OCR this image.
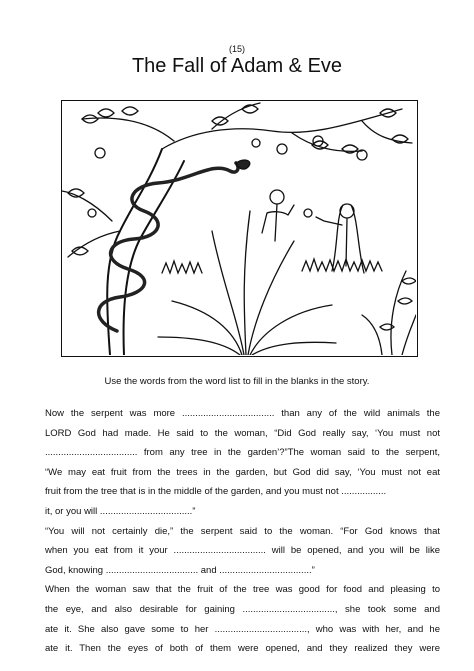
(15)
The Fall of Adam & Eve
Use the words from the word list to fill in the blanks in the story.
Now the serpent was more ................................... than any of the wild animals the
LORD God had made. He said to the woman, “Did God really say, ‘You must not
................................... from any tree in the garden’?”The woman said to the serpent,
“We may eat fruit from the trees in the garden, but God did say, ‘You must not eat
fruit from the tree that is in the middle of the garden, and you must not .................
it, or you will ...................................”
“You will not certainly die,” the serpent said to the woman. “For God knows that
when you eat from it your ................................... will be opened, and you will be like
God, knowing ................................... and ...................................”
When the woman saw that the fruit of the tree was good for food and pleasing to
the eye, and also desirable for gaining ..................................., she took some and
ate it. She also gave some to her ..................................., who was with her, and he
ate it. Then the eyes of both of them were opened, and they realized they were
